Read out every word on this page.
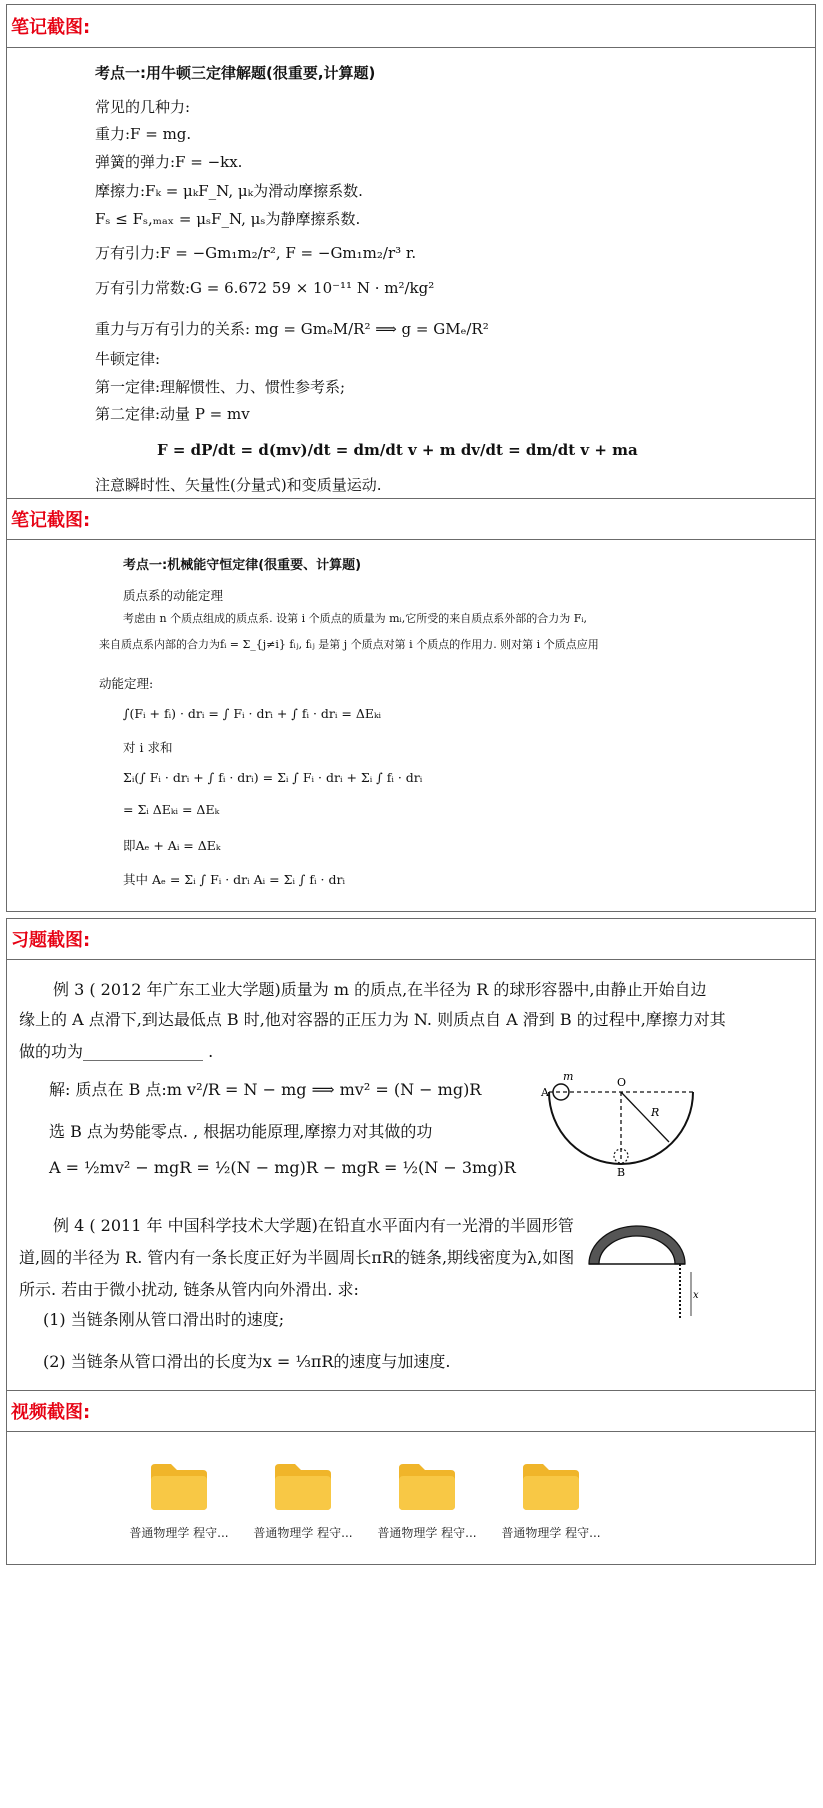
笔记截图:
考点一:用牛顿三定律解题(很重要,计算题)
常见的几种力:
重力:F = mg.
弹簧的弹力:F = −kx.
摩擦力:Fₖ = μₖF_N, μₖ为滑动摩擦系数.
Fₛ ≤ Fₛ,ₘₐₓ = μₛF_N, μₛ为静摩擦系数.
万有引力:F = −Gm₁m₂/r², F = −Gm₁m₂/r³ r.
万有引力常数:G = 6.672 59 × 10⁻¹¹ N · m²/kg²
重力与万有引力的关系: mg = GmₑM/R² ⟹ g = GMₑ/R²
牛顿定律:
第一定律:理解惯性、力、惯性参考系;
第二定律:动量 P = mv
F = dP/dt = d(mv)/dt = dm/dt v + m dv/dt = dm/dt v + ma
注意瞬时性、矢量性(分量式)和变质量运动.
笔记截图:
考点一:机械能守恒定律(很重要、计算题)
质点系的动能定理
考虑由 n 个质点组成的质点系. 设第 i 个质点的质量为 mᵢ,它所受的来自质点系外部的合力为 Fᵢ,
来自质点系内部的合力为fᵢ = Σ_{j≠i} fᵢⱼ, fᵢⱼ 是第 j 个质点对第 i 个质点的作用力. 则对第 i 个质点应用
动能定理:
∫(Fᵢ + fᵢ) · drᵢ = ∫ Fᵢ · drᵢ + ∫ fᵢ · drᵢ = ΔEₖᵢ
对 i 求和
Σᵢ(∫ Fᵢ · drᵢ + ∫ fᵢ · drᵢ) = Σᵢ ∫ Fᵢ · drᵢ + Σᵢ ∫ fᵢ · drᵢ
= Σᵢ ΔEₖᵢ = ΔEₖ
即Aₑ + Aᵢ = ΔEₖ
其中 Aₑ = Σᵢ ∫ Fᵢ · drᵢ Aᵢ = Σᵢ ∫ fᵢ · drᵢ
习题截图:
例 3 ( 2012 年广东工业大学题)质量为 m 的质点,在半径为 R 的球形容器中,由静止开始自边
缘上的 A 点滑下,到达最低点 B 时,他对容器的正压力为 N. 则质点自 A 滑到 B 的过程中,摩擦力对其
做的功为_______________ .
解: 质点在 B 点:m v²/R = N − mg ⟹ mv² = (N − mg)R
选 B 点为势能零点. , 根据功能原理,摩擦力对其做的功
A = ½mv² − mgR = ½(N − mg)R − mgR = ½(N − 3mg)R
A
m	O
R
B
例 4 ( 2011 年 中国科学技术大学题)在铅直水平面内有一光滑的半圆形管
道,圆的半径为 R. 管内有一条长度正好为半圆周长πR的链条,期线密度为λ,如图
所示. 若由于微小扰动, 链条从管内向外滑出. 求:
(1) 当链条刚从管口滑出时的速度;
(2) 当链条从管口滑出的长度为x = ⅓πR的速度与加速度.
x
视频截图:
普通物理学 程守...	普通物理学 程守...	普通物理学 程守...	普通物理学 程守...
